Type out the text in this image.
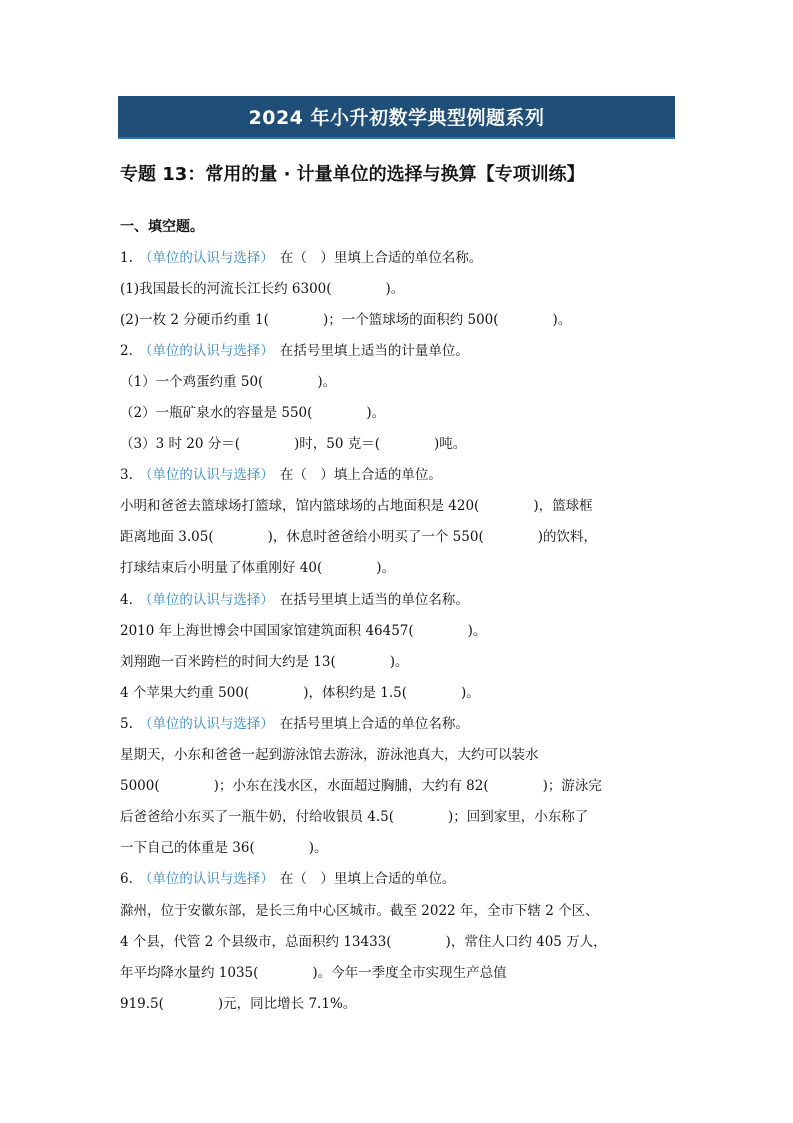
2024 年小升初数学典型例题系列
专题 13：常用的量 · 计量单位的选择与换算【专项训练】
一、填空题。
1. （单位的认识与选择） 在（　）里填上合适的单位名称。
(1)我国最长的河流长江长约 6300(　　　　)。
(2)一枚 2 分硬币约重 1(　　　　)；一个篮球场的面积约 500(　　　　)。
2. （单位的认识与选择） 在括号里填上适当的计量单位。
（1）一个鸡蛋约重 50(　　　　)。
（2）一瓶矿泉水的容量是 550(　　　　)。
（3）3 时 20 分＝(　　　　)时，50 克＝(　　　　)吨。
3. （单位的认识与选择） 在（　）填上合适的单位。
小明和爸爸去篮球场打篮球，馆内篮球场的占地面积是 420(　　　　)，篮球框
距离地面 3.05(　　　　)，休息时爸爸给小明买了一个 550(　　　　)的饮料，
打球结束后小明量了体重刚好 40(　　　　)。
4. （单位的认识与选择） 在括号里填上适当的单位名称。
2010 年上海世博会中国国家馆建筑面积 46457(　　　　)。
刘翔跑一百米跨栏的时间大约是 13(　　　　)。
4 个苹果大约重 500(　　　　)，体积约是 1.5(　　　　)。
5. （单位的认识与选择） 在括号里填上合适的单位名称。
星期天，小东和爸爸一起到游泳馆去游泳，游泳池真大，大约可以装水
5000(　　　　)；小东在浅水区，水面超过胸脯，大约有 82(　　　　)；游泳完
后爸爸给小东买了一瓶牛奶，付给收银员 4.5(　　　　)；回到家里，小东称了
一下自己的体重是 36(　　　　)。
6. （单位的认识与选择） 在（　）里填上合适的单位。
滁州，位于安徽东部，是长三角中心区城市。截至 2022 年，全市下辖 2 个区、
4 个县，代管 2 个县级市，总面积约 13433(　　　　)，常住人口约 405 万人，
年平均降水量约 1035(　　　　)。今年一季度全市实现生产总值
919.5(　　　　)元，同比增长 7.1%。
